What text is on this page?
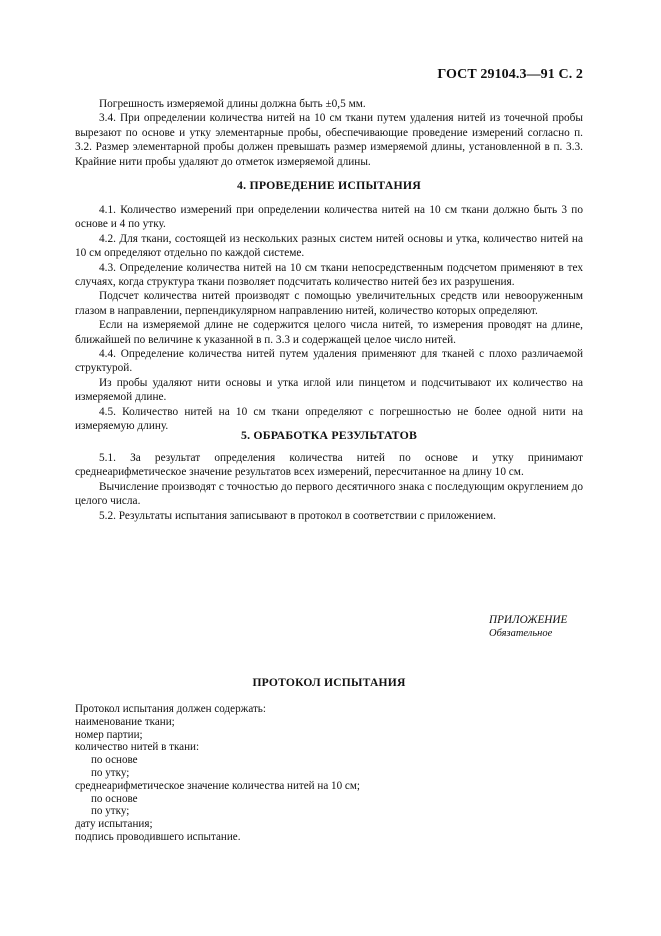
ГОСТ 29104.3—91 С. 2

Погрешность измеряемой длины должна быть ±0,5 мм.

3.4. При определении количества нитей на 10 см ткани путем удаления нитей из точечной пробы вырезают по основе и утку элементарные пробы, обеспечивающие проведение измерений согласно п. 3.2. Размер элементарной пробы должен превышать размер измеряемой длины, установленной в п. 3.3. Крайние нити пробы удаляют до отметок измеряемой длины.

4. ПРОВЕДЕНИЕ ИСПЫТАНИЯ

4.1. Количество измерений при определении количества нитей на 10 см ткани должно быть 3 по основе и 4 по утку.

4.2. Для ткани, состоящей из нескольких разных систем нитей основы и утка, количество нитей на 10 см определяют отдельно по каждой системе.

4.3. Определение количества нитей на 10 см ткани непосредственным подсчетом применяют в тех случаях, когда структура ткани позволяет подсчитать количество нитей без их разрушения.

Подсчет количества нитей производят с помощью увеличительных средств или невооруженным глазом в направлении, перпендикулярном направлению нитей, количество которых определяют.

Если на измеряемой длине не содержится целого числа нитей, то измерения проводят на длине, ближайшей по величине к указанной в п. 3.3 и содержащей целое число нитей.

4.4. Определение количества нитей путем удаления применяют для тканей с плохо различаемой структурой.

Из пробы удаляют нити основы и утка иглой или пинцетом и подсчитывают их количество на измеряемой длине.

4.5. Количество нитей на 10 см ткани определяют с погрешностью не более одной нити на измеряемую длину.

5. ОБРАБОТКА РЕЗУЛЬТАТОВ

5.1. За результат определения количества нитей по основе и утку принимают среднеарифметическое значение результатов всех измерений, пересчитанное на длину 10 см.

Вычисление производят с точностью до первого десятичного знака с последующим округлением до целого числа.

5.2. Результаты испытания записывают в протокол в соответствии с приложением.

ПРИЛОЖЕНИЕ
Обязательное
ПРОТОКОЛ ИСПЫТАНИЯ
Протокол испытания должен содержать:
наименование ткани;
номер партии;
количество нитей в ткани:
по основе
по утку;
среднеарифметическое значение количества нитей на 10 см;
по основе
по утку;
дату испытания;
подпись проводившего испытание.
